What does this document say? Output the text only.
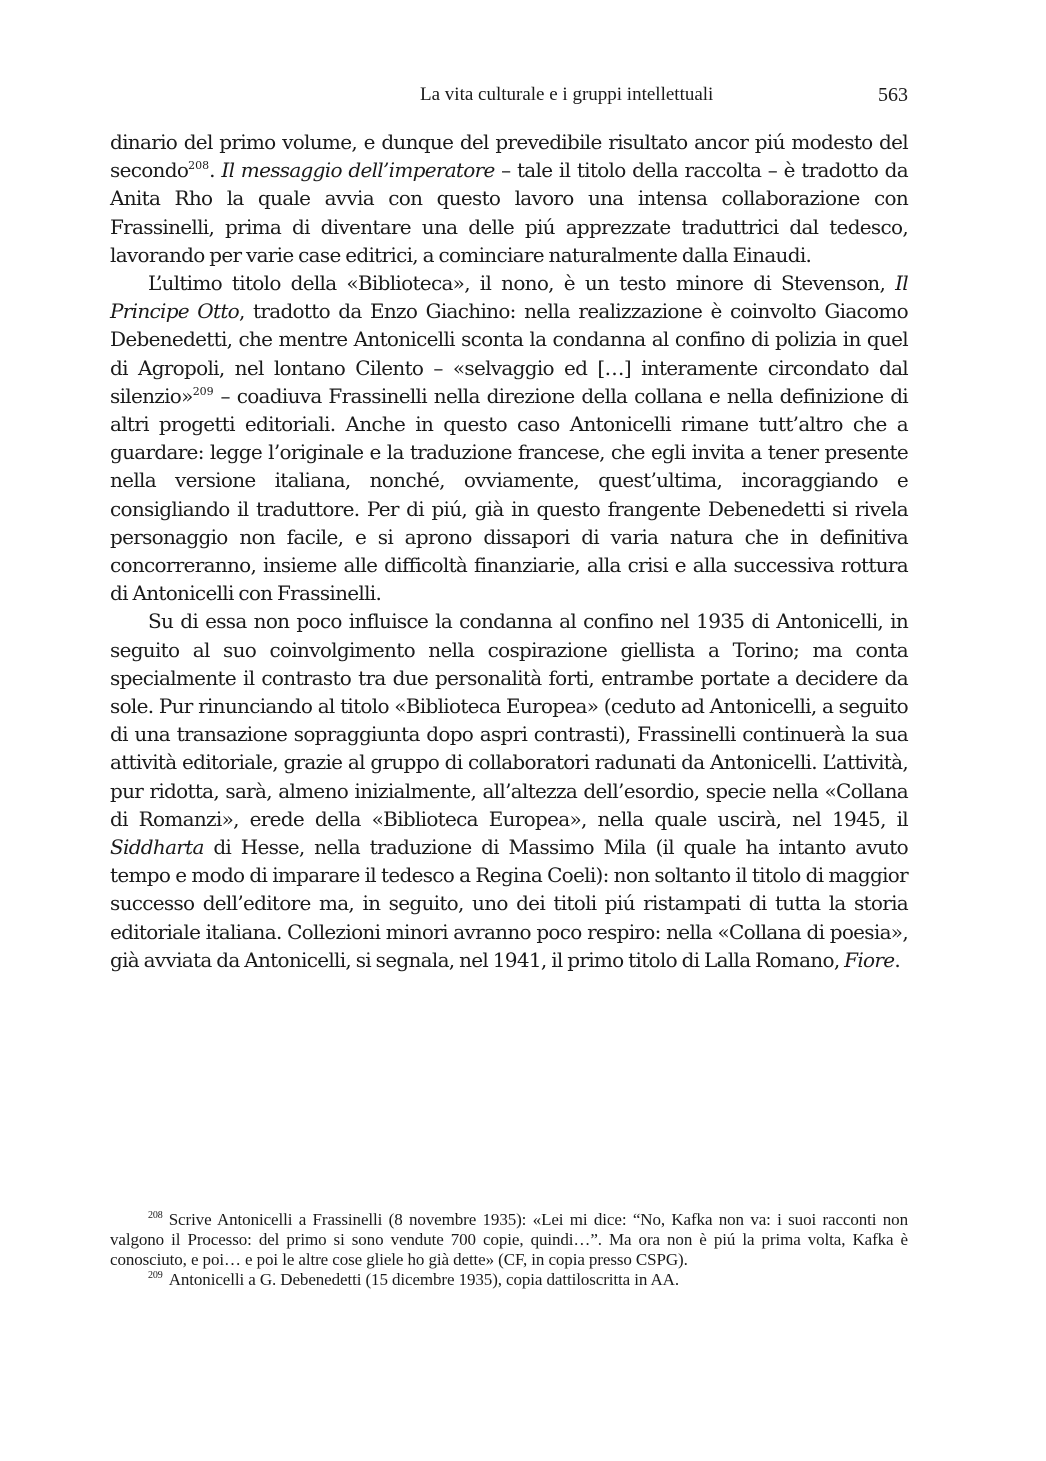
La vita culturale e i gruppi intellettuali	563

dinario del primo volume, e dunque del prevedibile risultato ancor piú modesto del secondo$^{208}$. Il messaggio dell’imperatore – tale il titolo della raccolta – è tradotto da Anita Rho la quale avvia con questo lavoro una intensa collaborazione con Frassinelli, prima di diventare una delle piú apprezzate traduttrici dal tedesco, lavorando per varie case editrici, a cominciare naturalmente dalla Einaudi.

L’ultimo titolo della «Biblioteca», il nono, è un testo minore di Stevenson, Il Principe Otto, tradotto da Enzo Giachino: nella realizzazione è coinvolto Giacomo Debenedetti, che mentre Antonicelli sconta la condanna al confino di polizia in quel di Agropoli, nel lontano Cilento – «selvaggio ed […] interamente circondato dal silenzio»$^{209}$ – coadiuva Frassinelli nella direzione della collana e nella definizione di altri progetti editoriali. Anche in questo caso Antonicelli rimane tutt’altro che a guardare: legge l’originale e la traduzione francese, che egli invita a tener presente nella versione italiana, nonché, ovviamente, quest’ultima, incoraggiando e consigliando il traduttore. Per di piú, già in questo frangente Debenedetti si rivela personaggio non facile, e si aprono dissapori di varia natura che in definitiva concorreranno, insieme alle difficoltà finanziarie, alla crisi e alla successiva rottura di Antonicelli con Frassinelli.

Su di essa non poco influisce la condanna al confino nel 1935 di Antonicelli, in seguito al suo coinvolgimento nella cospirazione giellista a Torino; ma conta specialmente il contrasto tra due personalità forti, entrambe portate a decidere da sole. Pur rinunciando al titolo «Biblioteca Europea» (ceduto ad Antonicelli, a seguito di una transazione sopraggiunta dopo aspri contrasti), Frassinelli continuerà la sua attività editoriale, grazie al gruppo di collaboratori radunati da Antonicelli. L’attività, pur ridotta, sarà, almeno inizialmente, all’altezza dell’esordio, specie nella «Collana di Romanzi», erede della «Biblioteca Europea», nella quale uscirà, nel 1945, il Siddharta di Hesse, nella traduzione di Massimo Mila (il quale ha intanto avuto tempo e modo di imparare il tedesco a Regina Coeli): non soltanto il titolo di maggior successo dell’editore ma, in seguito, uno dei titoli piú ristampati di tutta la storia editoriale italiana. Collezioni minori avranno poco respiro: nella «Collana di poesia», già avviata da Antonicelli, si segnala, nel 1941, il primo titolo di Lalla Romano, Fiore.

$^{208}$ Scrive Antonicelli a Frassinelli (8 novembre 1935): «Lei mi dice: “No, Kafka non va: i suoi racconti non valgono il Processo: del primo si sono vendute 700 copie, quindi…”. Ma ora non è piú la prima volta, Kafka è conosciuto, e poi… e poi le altre cose gliele ho già dette» (CF, in copia presso CSPG).

$^{209}$ Antonicelli a G. Debenedetti (15 dicembre 1935), copia dattiloscritta in AA.
